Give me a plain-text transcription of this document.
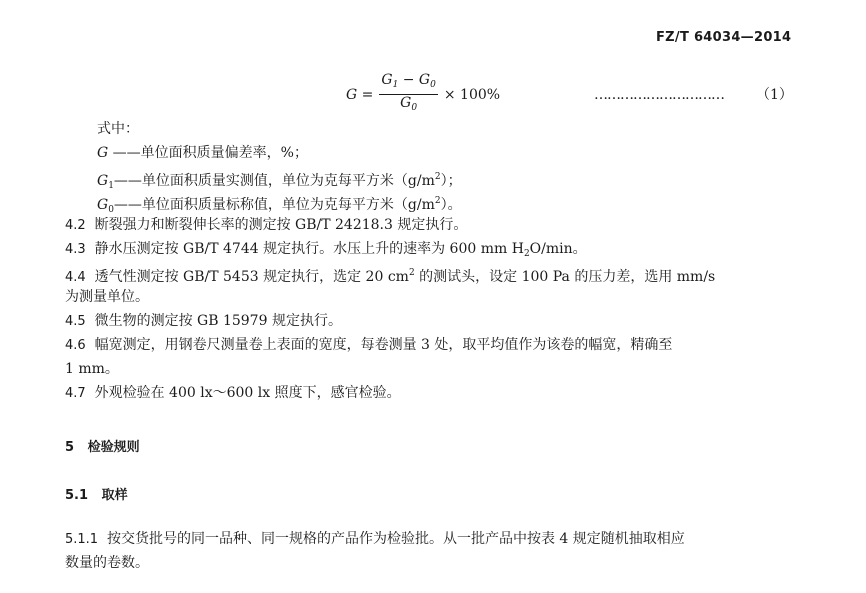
FZ/T 64034—2014
$G = \frac{G_1 - G_0}{G_0} \times 100\%$	………………………… （1）
式中：
G ——单位面积质量偏差率，%；
$G_1——$单位面积质量实测值，单位为克每平方米$(g/m^2)$；
$G_0——$单位面积质量标称值，单位为克每平方米$(g/m^2)$。
4.2 断裂强力和断裂伸长率的测定按 GB/T 24218.3 规定执行。
4.3 静水压测定按 GB/T 4744 规定执行。水压上升的速率为 600 mm $H_2O/\min$。
4.4 透气性测定按 GB/T 5453 规定执行，选定 20 $cm^2$ 的测试头，设定 100 Pa 的压力差，选用 mm/s
为测量单位。
4.5 微生物的测定按 GB 15979 规定执行。
4.6 幅宽测定，用钢卷尺测量卷上表面的宽度，每卷测量 3 处，取平均值作为该卷的幅宽，精确至
1 mm。
4.7 外观检验在 400 lx～600 lx 照度下，感官检验。
5 检验规则
5.1 取样
5.1.1 按交货批号的同一品种、同一规格的产品作为检验批。从一批产品中按表 4 规定随机抽取相应
数量的卷数。
